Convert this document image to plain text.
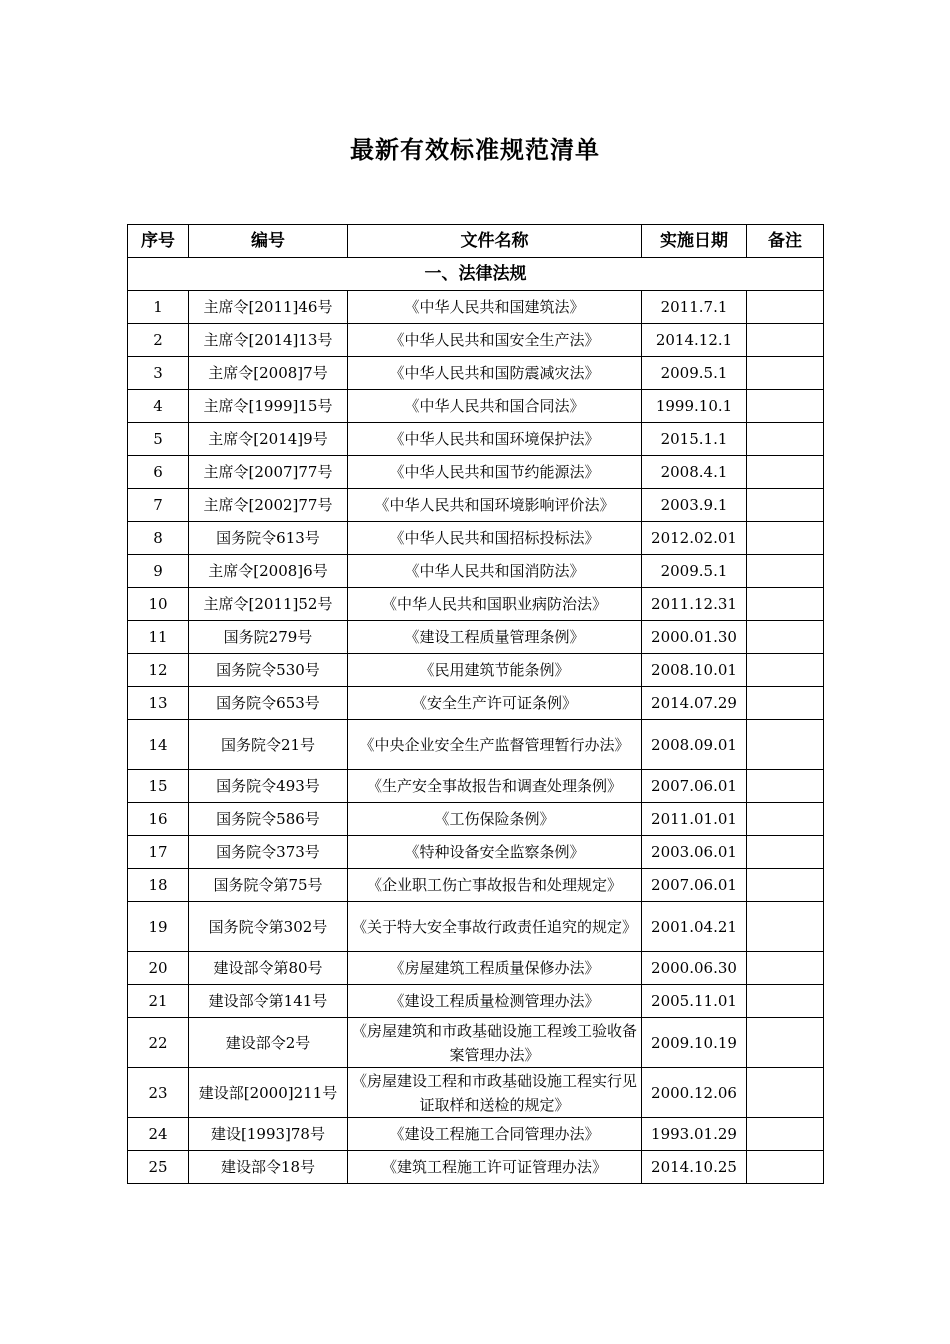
最新有效标准规范清单
序号	编号	文件名称	实施日期	备注
一、法律法规				
1	主席令[2011]46号	《中华人民共和国建筑法》	2011.7.1	
2	主席令[2014]13号	《中华人民共和国安全生产法》	2014.12.1	
3	主席令[2008]7号	《中华人民共和国防震减灾法》	2009.5.1	
4	主席令[1999]15号	《中华人民共和国合同法》	1999.10.1	
5	主席令[2014]9号	《中华人民共和国环境保护法》	2015.1.1	
6	主席令[2007]77号	《中华人民共和国节约能源法》	2008.4.1	
7	主席令[2002]77号	《中华人民共和国环境影响评价法》	2003.9.1	
8	国务院令613号	《中华人民共和国招标投标法》	2012.02.01	
9	主席令[2008]6号	《中华人民共和国消防法》	2009.5.1	
10	主席令[2011]52号	《中华人民共和国职业病防治法》	2011.12.31	
11	国务院279号	《建设工程质量管理条例》	2000.01.30	
12	国务院令530号	《民用建筑节能条例》	2008.10.01	
13	国务院令653号	《安全生产许可证条例》	2014.07.29	
14	国务院令21号	《中央企业安全生产监督管理暂行办法》	2008.09.01	
15	国务院令493号	《生产安全事故报告和调查处理条例》	2007.06.01	
16	国务院令586号	《工伤保险条例》	2011.01.01	
17	国务院令373号	《特种设备安全监察条例》	2003.06.01	
18	国务院令第75号	《企业职工伤亡事故报告和处理规定》	2007.06.01	
19	国务院令第302号	《关于特大安全事故行政责任追究的规定》	2001.04.21	
20	建设部令第80号	《房屋建筑工程质量保修办法》	2000.06.30	
21	建设部令第141号	《建设工程质量检测管理办法》	2005.11.01	
22	建设部令2号	《房屋建筑和市政基础设施工程竣工验收备案管理办法》	2009.10.19	
23	建设部[2000]211号	《房屋建设工程和市政基础设施工程实行见证取样和送检的规定》	2000.12.06	
24	建设[1993]78号	《建设工程施工合同管理办法》	1993.01.29	
25	建设部令18号	《建筑工程施工许可证管理办法》	2014.10.25	
